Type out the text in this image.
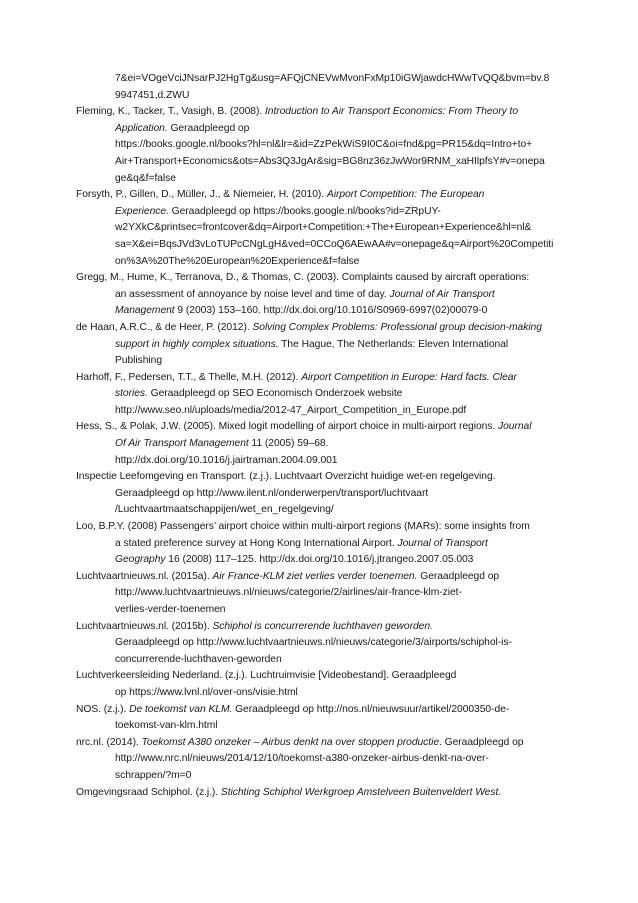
7&ei=VOgeVciJNsarPJ2HgTg&usg=AFQjCNEVwMvonFxMp10iGWjawdcHWwTvQQ&bvm=bv.8
9947451,d.ZWU
Fleming, K., Tacker, T., Vasigh, B. (2008). Introduction to Air Transport Economics: From Theory to
Application. Geraadpleegd op
https://books.google.nl/books?hl=nl&lr=&id=ZzPekWiS9I0C&oi=fnd&pg=PR15&dq=Intro+to+
Air+Transport+Economics&ots=Abs3Q3JgAr&sig=BG8nz36zJwWor9RNM_xaHIlpfsY#v=onepa
ge&q&f=false
Forsyth, P., Gillen, D., Müller, J., & Niemeier, H. (2010). Airport Competition: The European
Experience. Geraadpleegd op https://books.google.nl/books?id=ZRpUY-
w2YXkC&printsec=frontcover&dq=Airport+Competition:+The+European+Experience&hl=nl&
sa=X&ei=BqsJVd3vLoTUPcCNgLgH&ved=0CCoQ6AEwAA#v=onepage&q=Airport%20Competiti
on%3A%20The%20European%20Experience&f=false
Gregg, M., Hume, K., Terranova, D., & Thomas, C. (2003). Complaints caused by aircraft operations:
an assessment of annoyance by noise level and time of day. Journal of Air Transport
Management 9 (2003) 153–160. http://dx.doi.org/10.1016/S0969-6997(02)00079-0
de Haan, A.R.C., & de Heer, P. (2012). Solving Complex Problems: Professional group decision-making
support in highly complex situations. The Hague, The Netherlands: Eleven International
Publishing
Harhoff, F., Pedersen, T.T., & Thelle, M.H. (2012). Airport Competition in Europe: Hard facts. Clear
stories. Geraadpleegd op SEO Economisch Onderzoek website
http://www.seo.nl/uploads/media/2012-47_Airport_Competition_in_Europe.pdf
Hess, S., & Polak, J.W. (2005). Mixed logit modelling of airport choice in multi-airport regions. Journal
Of Air Transport Management 11 (2005) 59–68.
http://dx.doi.org/10.1016/j.jairtraman.2004.09.001
Inspectie Leefomgeving en Transport. (z.j.). Luchtvaart Overzicht huidige wet-en regelgeving.
Geraadpleegd op http://www.ilent.nl/onderwerpen/transport/luchtvaart
/Luchtvaartmaatschappijen/wet_en_regelgeving/
Loo, B.P.Y. (2008) Passengers’ airport choice within multi-airport regions (MARs): some insights from
a stated preference survey at Hong Kong International Airport. Journal of Transport
Geography 16 (2008) 117–125. http://dx.doi.org/10.1016/j.jtrangeo.2007.05.003
Luchtvaartnieuws.nl. (2015a). Air France-KLM ziet verlies verder toenemen. Geraadpleegd op
http://www.luchtvaartnieuws.nl/nieuws/categorie/2/airlines/air-france-klm-ziet-
verlies-verder-toenemen
Luchtvaartnieuws.nl. (2015b). Schiphol is concurrerende luchthaven geworden.
Geraadpleegd op http://www.luchtvaartnieuws.nl/nieuws/categorie/3/airports/schiphol-is-
concurrerende-luchthaven-geworden
Luchtverkeersleiding Nederland. (z.j.). Luchtruimvisie [Videobestand]. Geraadpleegd
op https://www.lvnl.nl/over-ons/visie.html
NOS. (z.j.). De toekomst van KLM. Geraadpleegd op http://nos.nl/nieuwsuur/artikel/2000350-de-
toekomst-van-klm.html
nrc.nl. (2014). Toekomst A380 onzeker – Airbus denkt na over stoppen productie. Geraadpleegd op
http://www.nrc.nl/nieuws/2014/12/10/toekomst-a380-onzeker-airbus-denkt-na-over-
schrappen/?m=0
Omgevingsraad Schiphol. (z.j.). Stichting Schiphol Werkgroep Amstelveen Buitenveldert West.
